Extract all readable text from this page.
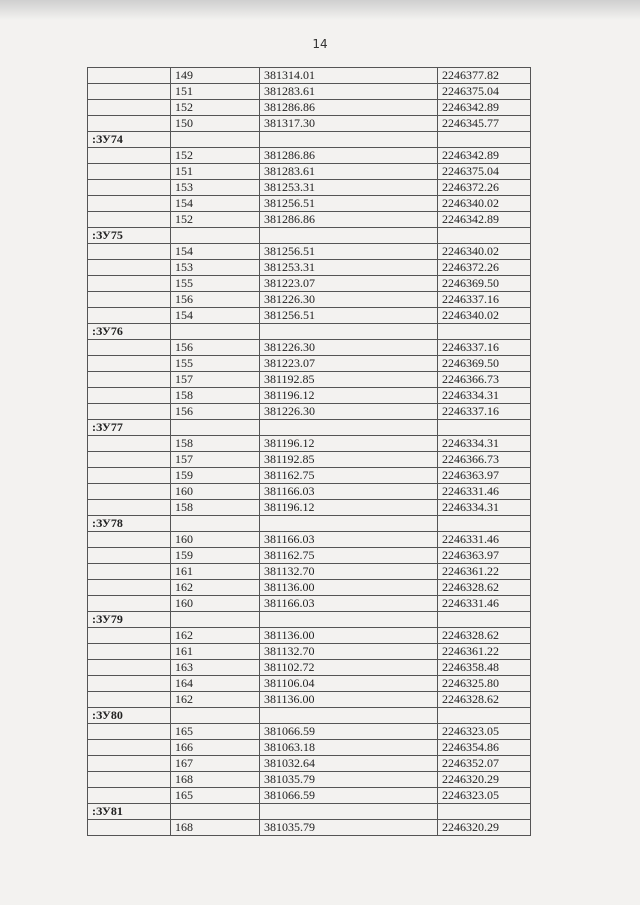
14
	149	381314.01	2246377.82
	151	381283.61	2246375.04
	152	381286.86	2246342.89
	150	381317.30	2246345.77
:ЗУ74			
	152	381286.86	2246342.89
	151	381283.61	2246375.04
	153	381253.31	2246372.26
	154	381256.51	2246340.02
	152	381286.86	2246342.89
:ЗУ75			
	154	381256.51	2246340.02
	153	381253.31	2246372.26
	155	381223.07	2246369.50
	156	381226.30	2246337.16
	154	381256.51	2246340.02
:ЗУ76			
	156	381226.30	2246337.16
	155	381223.07	2246369.50
	157	381192.85	2246366.73
	158	381196.12	2246334.31
	156	381226.30	2246337.16
:ЗУ77			
	158	381196.12	2246334.31
	157	381192.85	2246366.73
	159	381162.75	2246363.97
	160	381166.03	2246331.46
	158	381196.12	2246334.31
:ЗУ78			
	160	381166.03	2246331.46
	159	381162.75	2246363.97
	161	381132.70	2246361.22
	162	381136.00	2246328.62
	160	381166.03	2246331.46
:ЗУ79			
	162	381136.00	2246328.62
	161	381132.70	2246361.22
	163	381102.72	2246358.48
	164	381106.04	2246325.80
	162	381136.00	2246328.62
:ЗУ80			
	165	381066.59	2246323.05
	166	381063.18	2246354.86
	167	381032.64	2246352.07
	168	381035.79	2246320.29
	165	381066.59	2246323.05
:ЗУ81			
	168	381035.79	2246320.29
